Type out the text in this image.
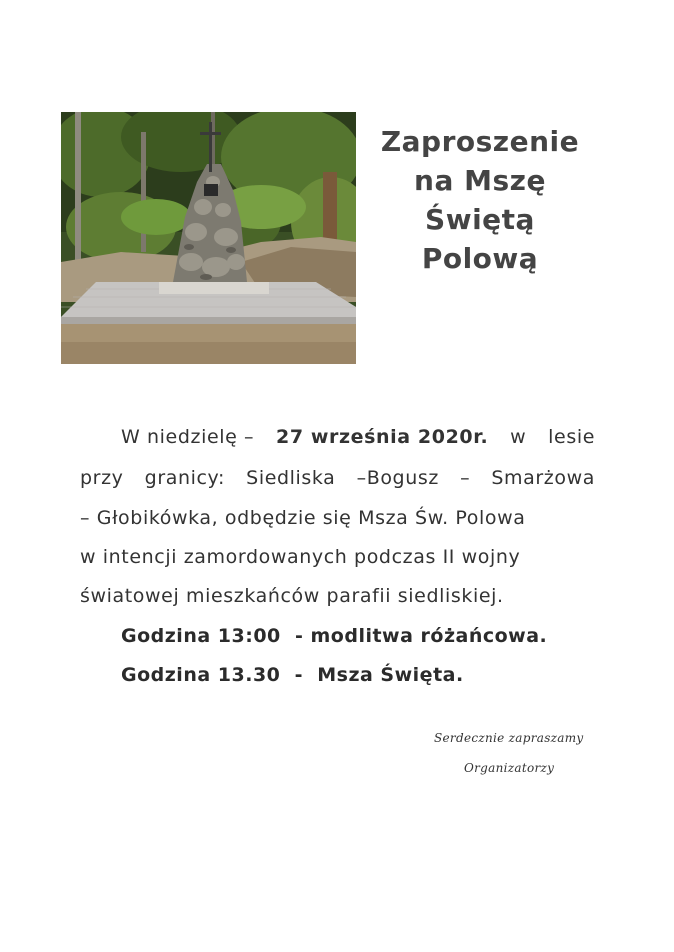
Zaproszenie
na Mszę
Świętą
Polową
W niedzielę – 27 września 2020r. w lesie
przy granicy: Siedliska –Bogusz – Smarżowa
– Głobikówka, odbędzie się Msza Św. Polowa
w intencji zamordowanych podczas II wojny
światowej mieszkańców parafii siedliskiej.
Godzina 13:00  - modlitwa różańcowa.
Godzina 13.30  -  Msza Święta.
Serdecznie zapraszamy
Organizatorzy
